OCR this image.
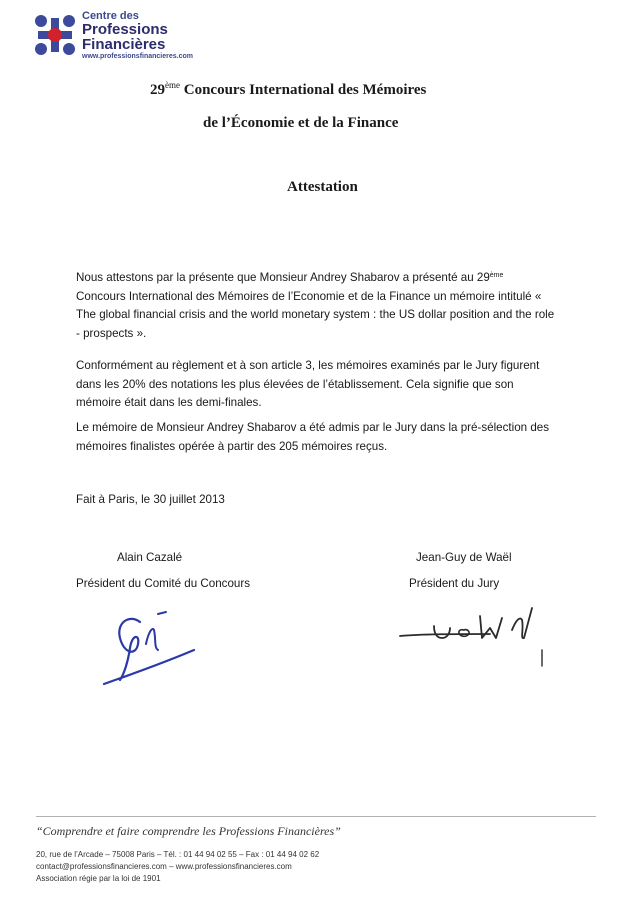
Centre des
Professions
Financières
www.professionsfinancieres.com
29ème Concours International des Mémoires
de l’Économie et de la Finance
Attestation

Nous attestons par la présente que Monsieur Andrey Shabarov a présenté au 29ème Concours International des Mémoires de l’Economie et de la Finance un mémoire intitulé « The global financial crisis and the world monetary system : the US dollar position and the role - prospects ».

Conformément au règlement et à son article 3, les mémoires examinés par le Jury figurent dans les 20% des notations les plus élevées de l’établissement. Cela signifie que son mémoire était dans les demi-finales.
Le mémoire de Monsieur Andrey Shabarov a été admis par le Jury dans la pré-sélection des mémoires finalistes opérée à partir des 205 mémoires reçus.
Fait à Paris, le 30 juillet 2013
Alain Cazalé
Président du Comité du Concours
Jean-Guy de Waël
Président du Jury
“Comprendre et faire comprendre les Professions Financières”
20, rue de l’Arcade – 75008 Paris – Tél. : 01 44 94 02 55 – Fax : 01 44 94 02 62
contact@professionsfinancieres.com – www.professionsfinancieres.com
Association régie par la loi de 1901
